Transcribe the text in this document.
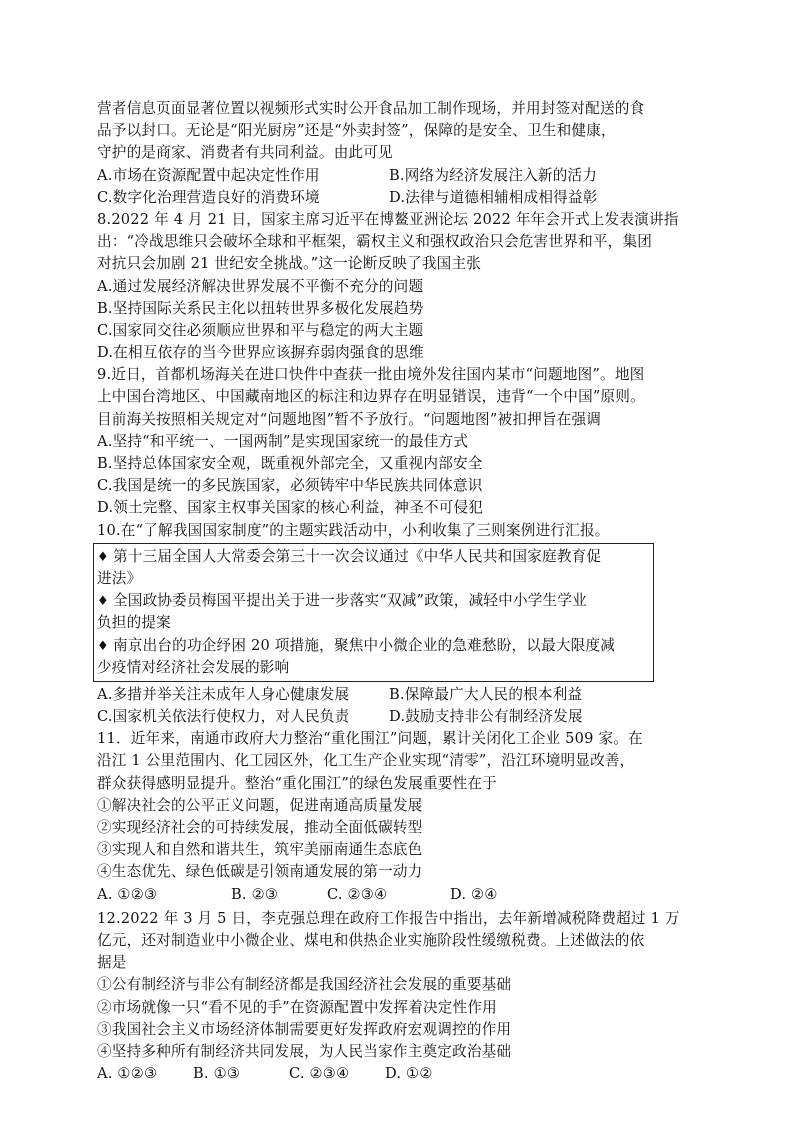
营者信息页面显著位置以视频形式实时公开食品加工制作现场，并用封签对配送的食
品予以封口。无论是“阳光厨房”还是“外卖封签”，保障的是安全、卫生和健康，
守护的是商家、消费者有共同利益。由此可见
A.市场在资源配置中起决定性作用	B.网络为经济发展注入新的活力
C.数字化治理营造良好的消费环境	D.法律与道德相辅相成相得益彰
8.2022 年 4 月 21 日，国家主席习近平在博鳌亚洲论坛 2022 年年会开式上发表演讲指
出：“冷战思维只会破坏全球和平框架，霸权主义和强权政治只会危害世界和平，集团
对抗只会加剧 21 世纪安全挑战。”这一论断反映了我国主张
A.通过发展经济解决世界发展不平衡不充分的问题
B.坚持国际关系民主化以扭转世界多极化发展趋势
C.国家同交往必须顺应世界和平与稳定的两大主题
D.在相互依存的当今世界应该摒弃弱肉强食的思维
9.近日，首都机场海关在进口快件中查获一批由境外发往国内某市“问题地图”。地图
上中国台湾地区、中国藏南地区的标注和边界存在明显错误，违背“一个中国”原则。
目前海关按照相关规定对“问题地图”暂不予放行。“问题地图”被扣押旨在强调
A.坚持“和平统一、一国两制”是实现国家统一的最佳方式
B.坚持总体国家安全观，既重视外部完全，又重视内部安全
C.我国是统一的多民族国家，必须铸牢中华民族共同体意识
D.领土完整、国家主权事关国家的核心利益，神圣不可侵犯
10.在“了解我国国家制度”的主题实践活动中，小利收集了三则案例进行汇报。
♦ 第十三届全国人大常委会第三十一次会议通过《中华人民共和国家庭教育促
进法》
♦ 全国政协委员梅国平提出关于进一步落实“双减”政策，减轻中小学生学业
负担的提案
♦ 南京出台的功企纾困 20 项措施，聚焦中小微企业的急难愁盼，以最大限度减
少疫情对经济社会发展的影响
A.多措并举关注未成年人身心健康发展	B.保障最广大人民的根本利益
C.国家机关依法行使权力，对人民负责	D.鼓励支持非公有制经济发展
11．近年来，南通市政府大力整治“重化围江”问题，累计关闭化工企业 509 家。在
沿江 1 公里范围内、化工园区外，化工生产企业实现“清零”，沿江环境明显改善，
群众获得感明显提升。整治“重化围江”的绿色发展重要性在于
①解决社会的公平正义问题，促进南通高质量发展
②实现经济社会的可持续发展，推动全面低碳转型
③实现人和自然和谐共生，筑牢美丽南通生态底色
④生态优先、绿色低碳是引领南通发展的第一动力
A. ①②③	B. ②③	C. ②③④	D. ②④
12.2022 年 3 月 5 日，李克强总理在政府工作报告中指出，去年新增减税降费超过 1 万
亿元，还对制造业中小微企业、煤电和供热企业实施阶段性缓缴税费。上述做法的依
据是
①公有制经济与非公有制经济都是我国经济社会发展的重要基础
②市场就像一只“看不见的手”在资源配置中发挥着决定性作用
③我国社会主义市场经济体制需要更好发挥政府宏观调控的作用
④坚持多种所有制经济共同发展，为人民当家作主奠定政治基础
A. ①②③ B. ①③	C. ②③④ D. ①②
